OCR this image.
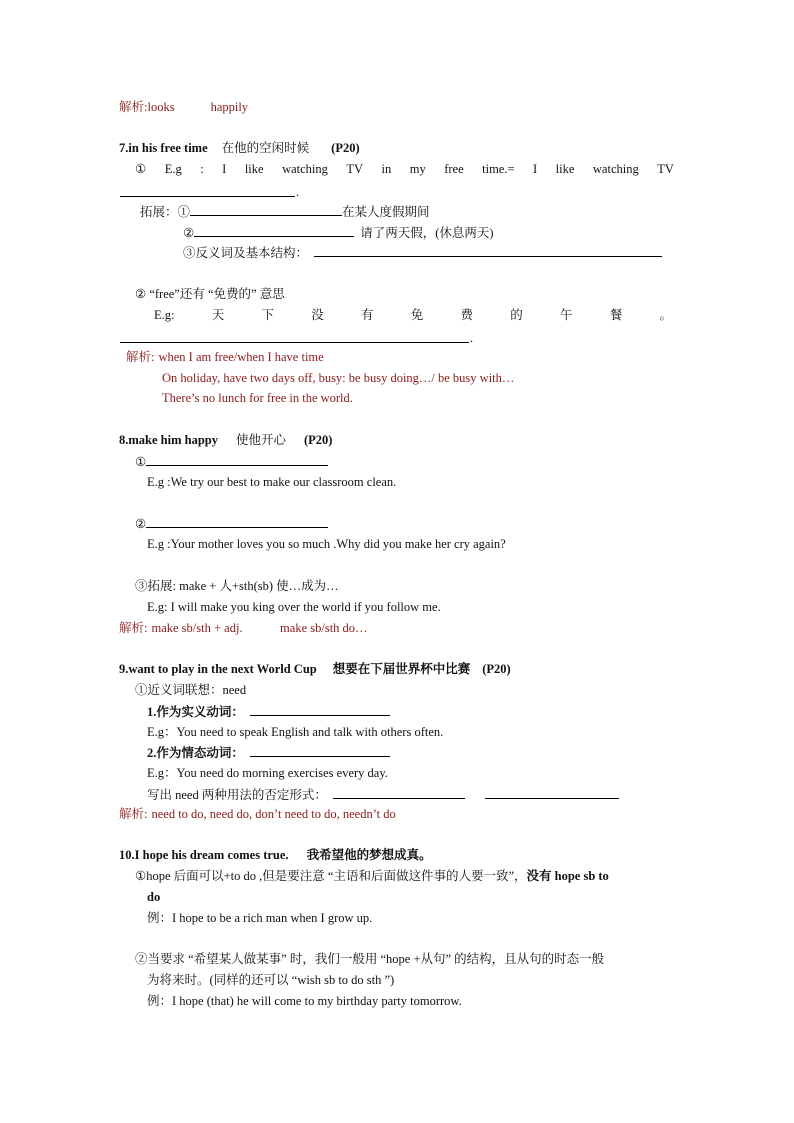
解析:looks	happily
7.in his free time 在他的空闲时候 (P20)
① E.g : I like watching TV in my free time.= I like watching TV
.
拓展：①	在某人度假期间
②	请了两天假，(休息两天)
③反义词及基本结构：
② “free”还有 “免费的” 意思
E.g:	天	下	没	有	免	费	的	午	餐	。
.
解析: when I am free/when I have time
On holiday, have two days off, busy: be busy doing…/ be busy with…
There’s no lunch for free in the world.
8.make him happy 使他开心 (P20)
①
E.g :We try our best to make our classroom clean.
②
E.g :Your mother loves you so much .Why did you make her cry again?
③拓展: make + 人+sth(sb) 使…成为…
E.g: I will make you king over the world if you follow me.
解析: make sb/sth + adj.            make sb/sth do…
9.want to play in the next World Cup 想要在下届世界杯中比赛 (P20)
①近义词联想：need
1.作为实义动词：
E.g：You need to speak English and talk with others often.
2.作为情态动词：
E.g：You need do morning exercises every day.
写出 need 两种用法的否定形式：
解析: need to do, need do, don’t need to do, needn’t do
10.I hope his dream comes true. 我希望他的梦想成真。
①hope 后面可以+to do ,但是要注意 “主语和后面做这件事的人要一致”，没有 hope sb to
do
例：I hope to be a rich man when I grow up.
②当要求 “希望某人做某事” 时，我们一般用 “hope +从句” 的结构，且从句的时态一般
为将来时。(同样的还可以 “wish sb to do sth ”)
例：I hope (that) he will come to my birthday party tomorrow.
